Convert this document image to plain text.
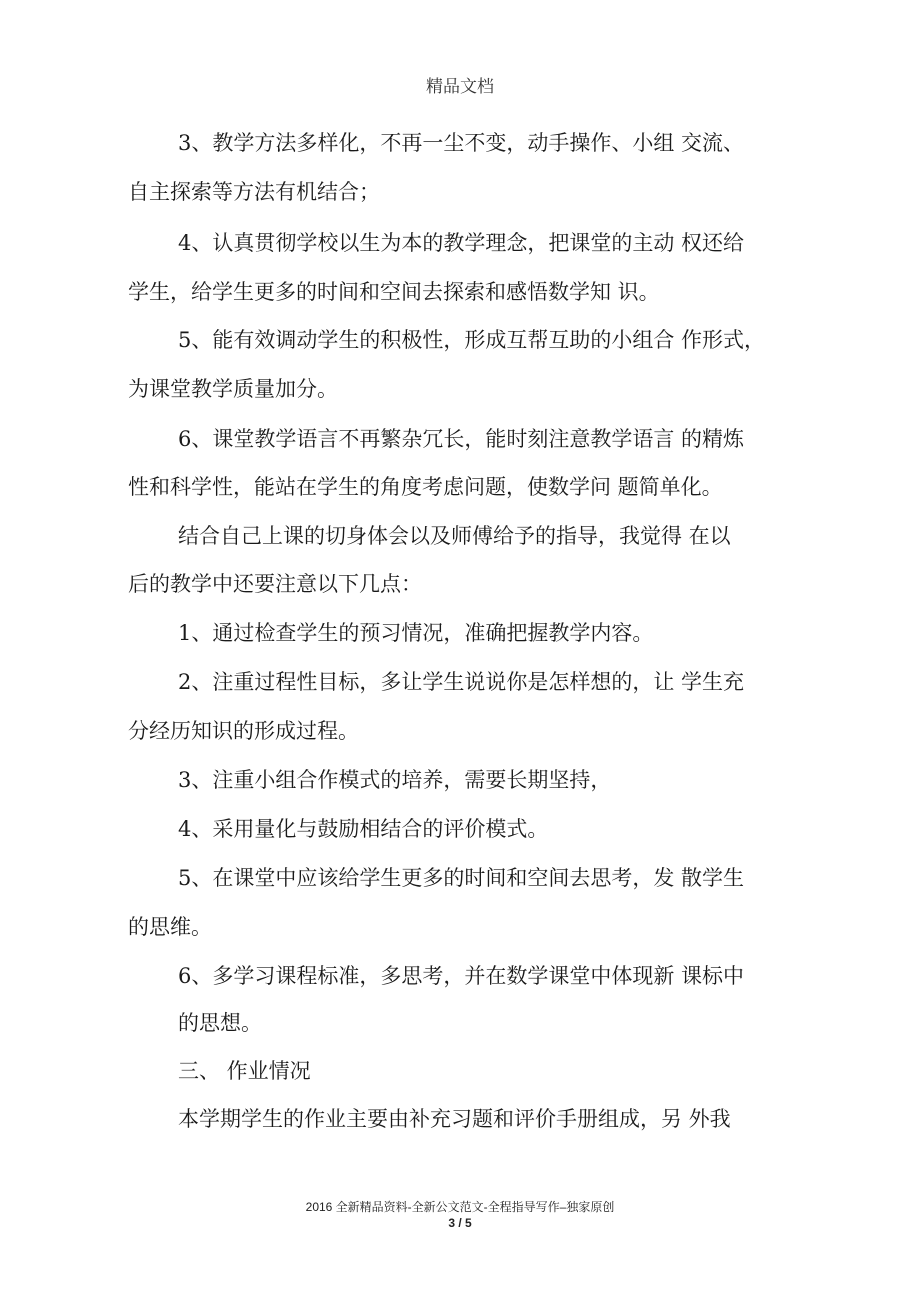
精品文档
3、教学方法多样化，不再一尘不变，动手操作、小组 交流、
自主探索等方法有机结合；
4、认真贯彻学校以生为本的教学理念，把课堂的主动 权还给
学生，给学生更多的时间和空间去探索和感悟数学知 识。
5、能有效调动学生的积极性，形成互帮互助的小组合 作形式，
为课堂教学质量加分。
6、课堂教学语言不再繁杂冗长，能时刻注意教学语言 的精炼
性和科学性，能站在学生的角度考虑问题，使数学问 题简单化。
结合自己上课的切身体会以及师傅给予的指导，我觉得 在以
后的教学中还要注意以下几点：
1、通过检查学生的预习情况，准确把握教学内容。
2、注重过程性目标，多让学生说说你是怎样想的，让 学生充
分经历知识的形成过程。
3、注重小组合作模式的培养，需要长期坚持，
4、采用量化与鼓励相结合的评价模式。
5、在课堂中应该给学生更多的时间和空间去思考，发 散学生
的思维。
6、多学习课程标准，多思考，并在数学课堂中体现新 课标中
的思想。
三、 作业情况
本学期学生的作业主要由补充习题和评价手册组成，另 外我
2016 全新精品资料-全新公文范文-全程指导写作–独家原创
3 / 5
